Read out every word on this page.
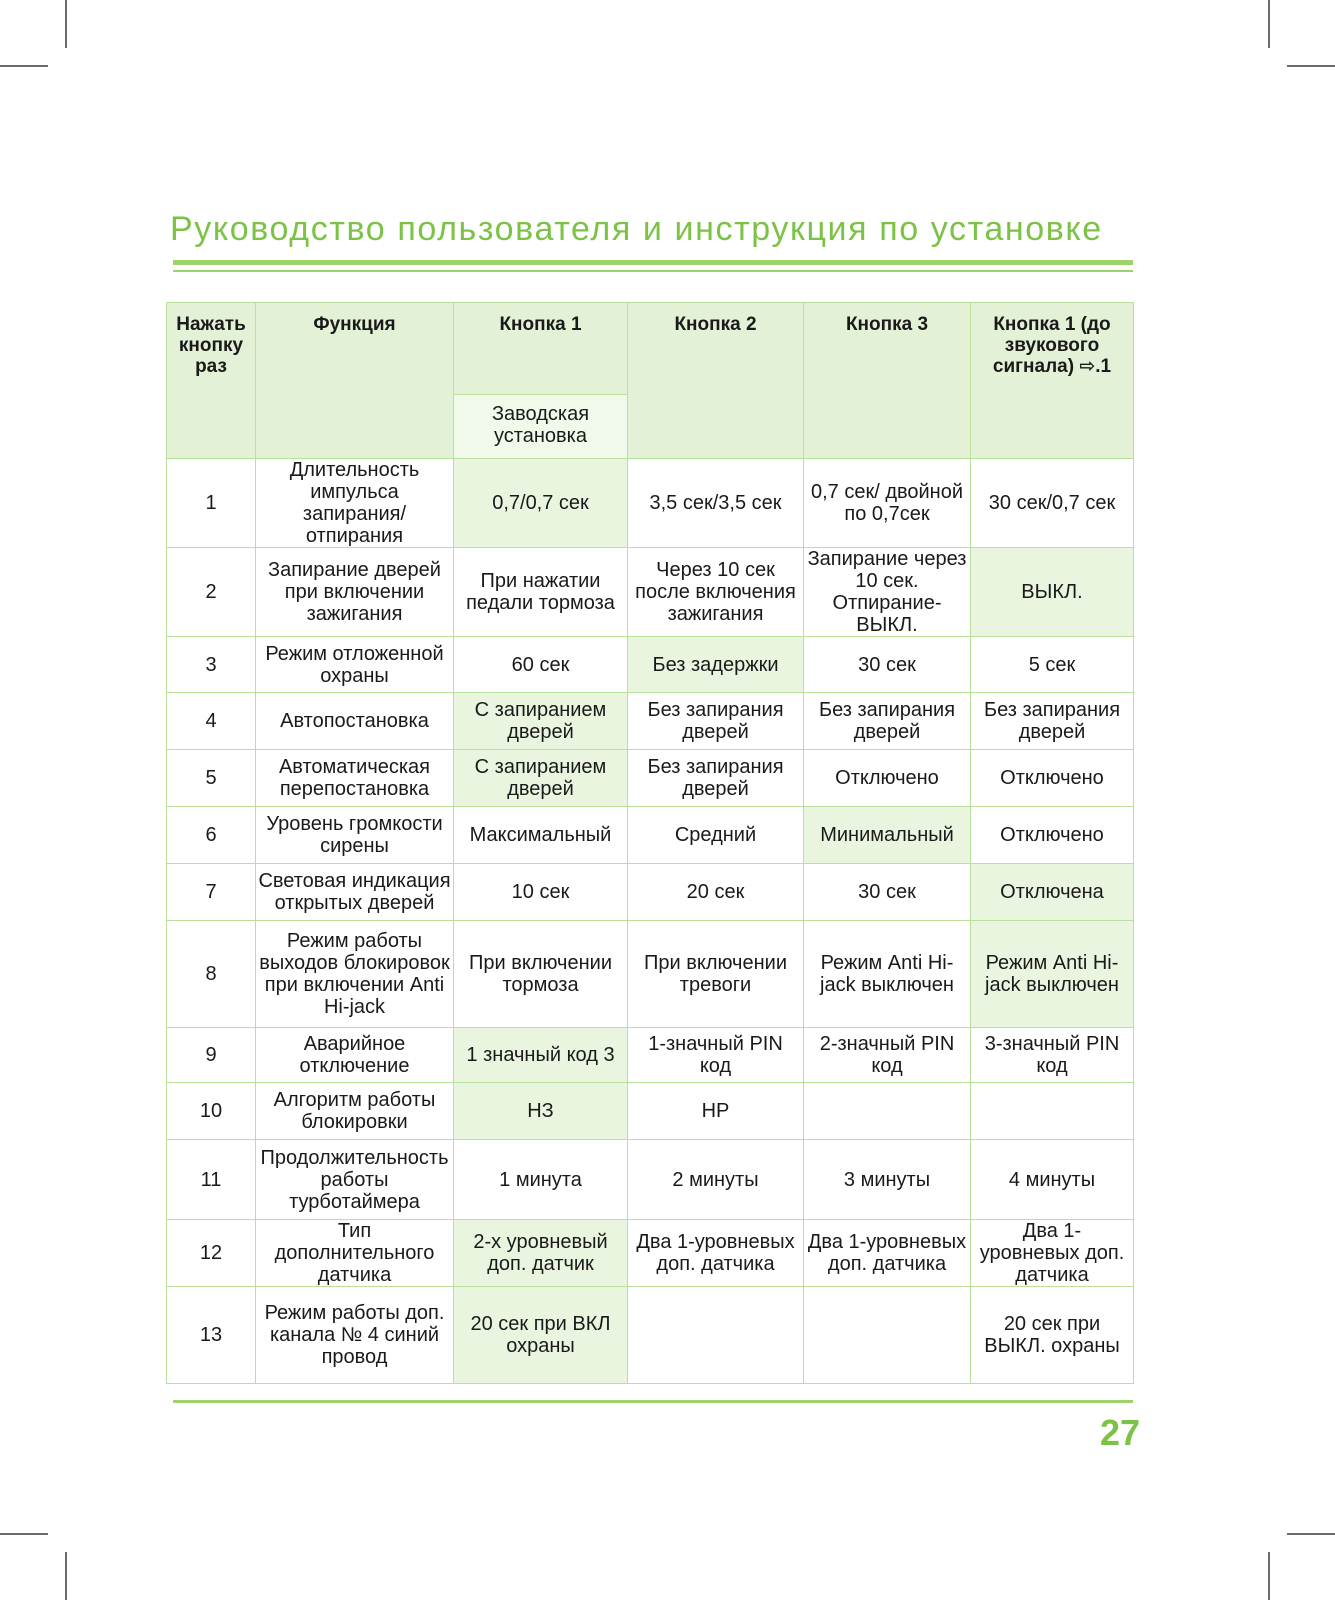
Руководство пользователя и инструкция по установке
Нажать кнопку раз	Функция	Кнопка 1	Кнопка 2	Кнопка 3	Кнопка 1 (до звукового сигнала) ⇨.1
		Заводская установка			
1	Длительность импульса запирания/отпирания	0,7/0,7 сек	3,5 сек/3,5 сек	0,7 сек/ двойной по 0,7сек	30 сек/0,7 сек
2	Запирание дверей при включении зажигания	При нажатии педали тормоза	Через 10 сек после включения зажигания	Запирание через 10 сек. Отпирание- ВЫКЛ.	ВЫКЛ.
3	Режим отложенной охраны	60 сек	Без задержки	30 сек	5 сек
4	Автопостановка	С запиранием дверей	Без запирания дверей	Без запирания дверей	Без запирания дверей
5	Автоматическая перепостановка	С запиранием дверей	Без запирания дверей	Отключено	Отключено
6	Уровень громкости сирены	Максимальный	Средний	Минимальный	Отключено
7	Световая индикация открытых дверей	10 сек	20 сек	30 сек	Отключена
8	Режим работы выходов блокировок при включении Anti Hi-jack	При включении тормоза	При включении тревоги	Режим Anti Hi-jack выключен	Режим Anti Hi-jack выключен
9	Аварийное отключение	1 значный код 3	1-значный PIN код	2-значный PIN код	3-значный PIN код
10	Алгоритм работы блокировки	НЗ	НР		
11	Продолжительность работы турботаймера	1 минута	2 минуты	3 минуты	4 минуты
12	Тип дополнительного датчика	2-х уровневый доп. датчик	Два 1-уровневых доп. датчика	Два 1-уровневых доп. датчика	Два 1-уровневых доп. датчика
13	Режим работы доп. канала № 4 синий провод	20 сек при ВКЛ охраны			20 сек при ВЫКЛ. охраны
27
